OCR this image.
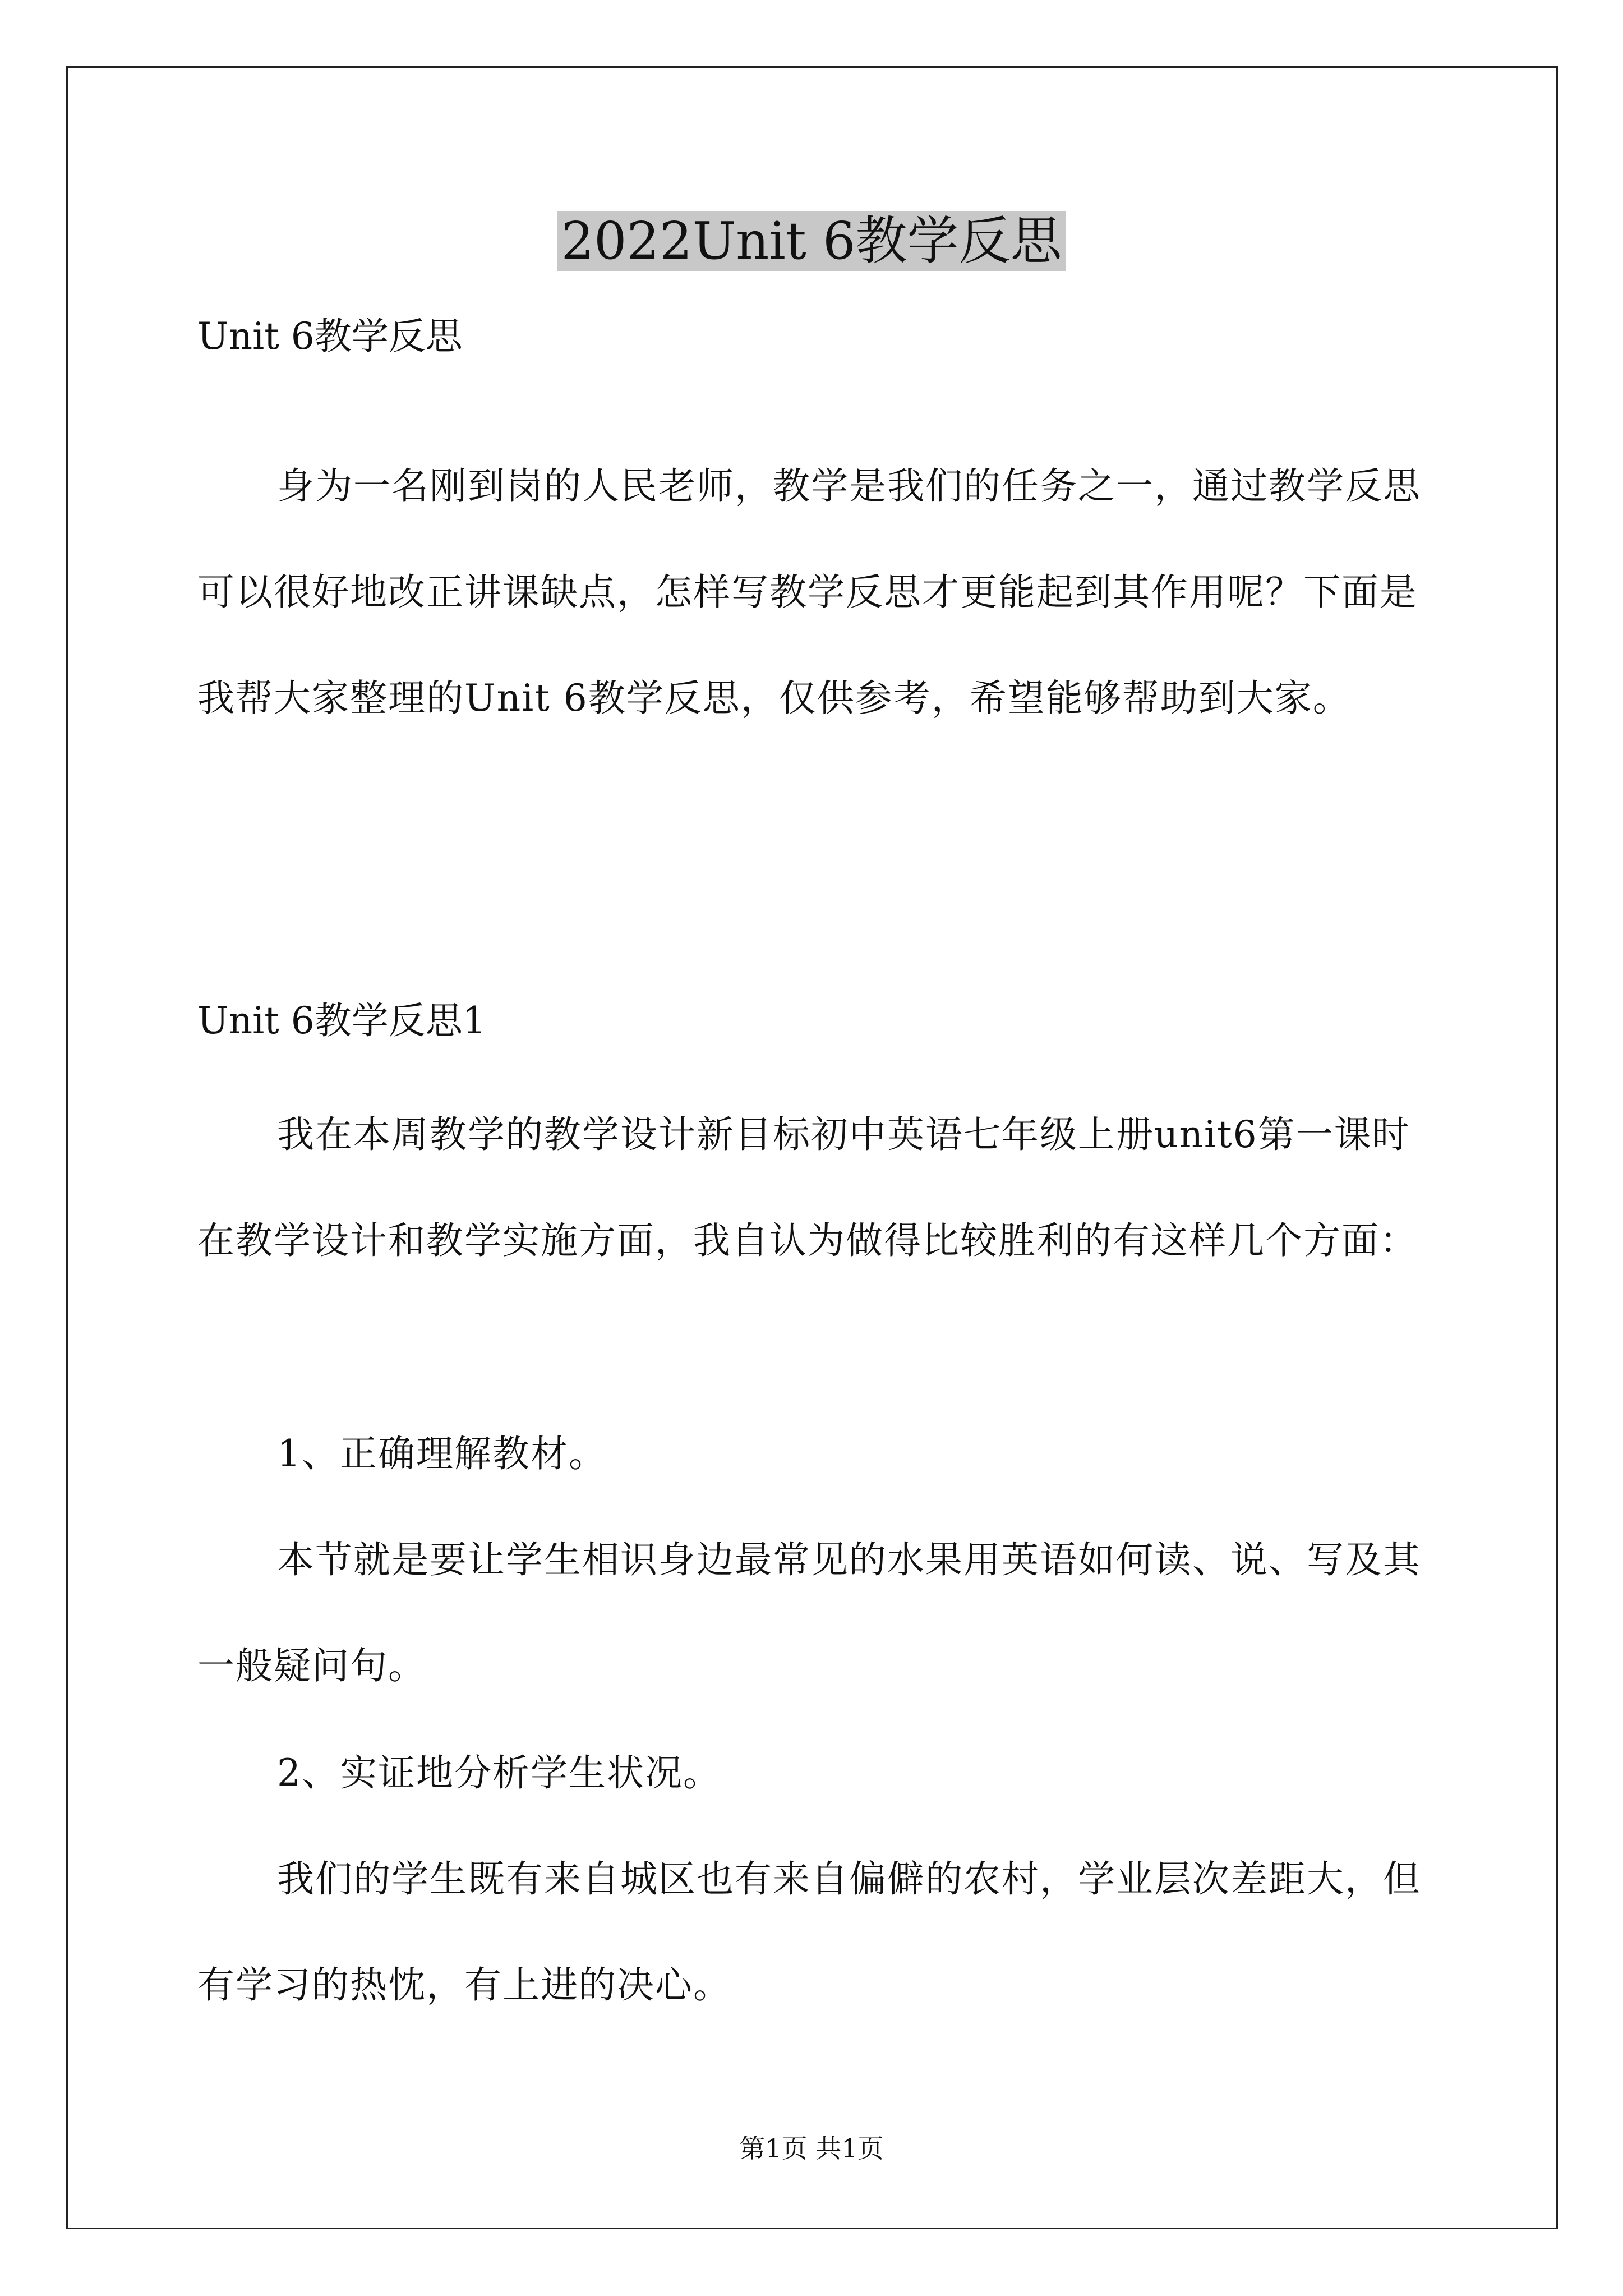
2022Unit 6教学反思
Unit 6教学反思
身为一名刚到岗的人民老师，教学是我们的任务之一，通过教学反思可以很好地改正讲课缺点，怎样写教学反思才更能起到其作用呢？下面是我帮大家整理的Unit 6教学反思，仅供参考，希望能够帮助到大家。
Unit 6教学反思1
我在本周教学的教学设计新目标初中英语七年级上册unit6第一课时在教学设计和教学实施方面，我自认为做得比较胜利的有这样几个方面：
1、正确理解教材。
本节就是要让学生相识身边最常见的水果用英语如何读、说、写及其一般疑问句。
2、实证地分析学生状况。
我们的学生既有来自城区也有来自偏僻的农村，学业层次差距大，但有学习的热忱，有上进的决心。
第1页 共1页
